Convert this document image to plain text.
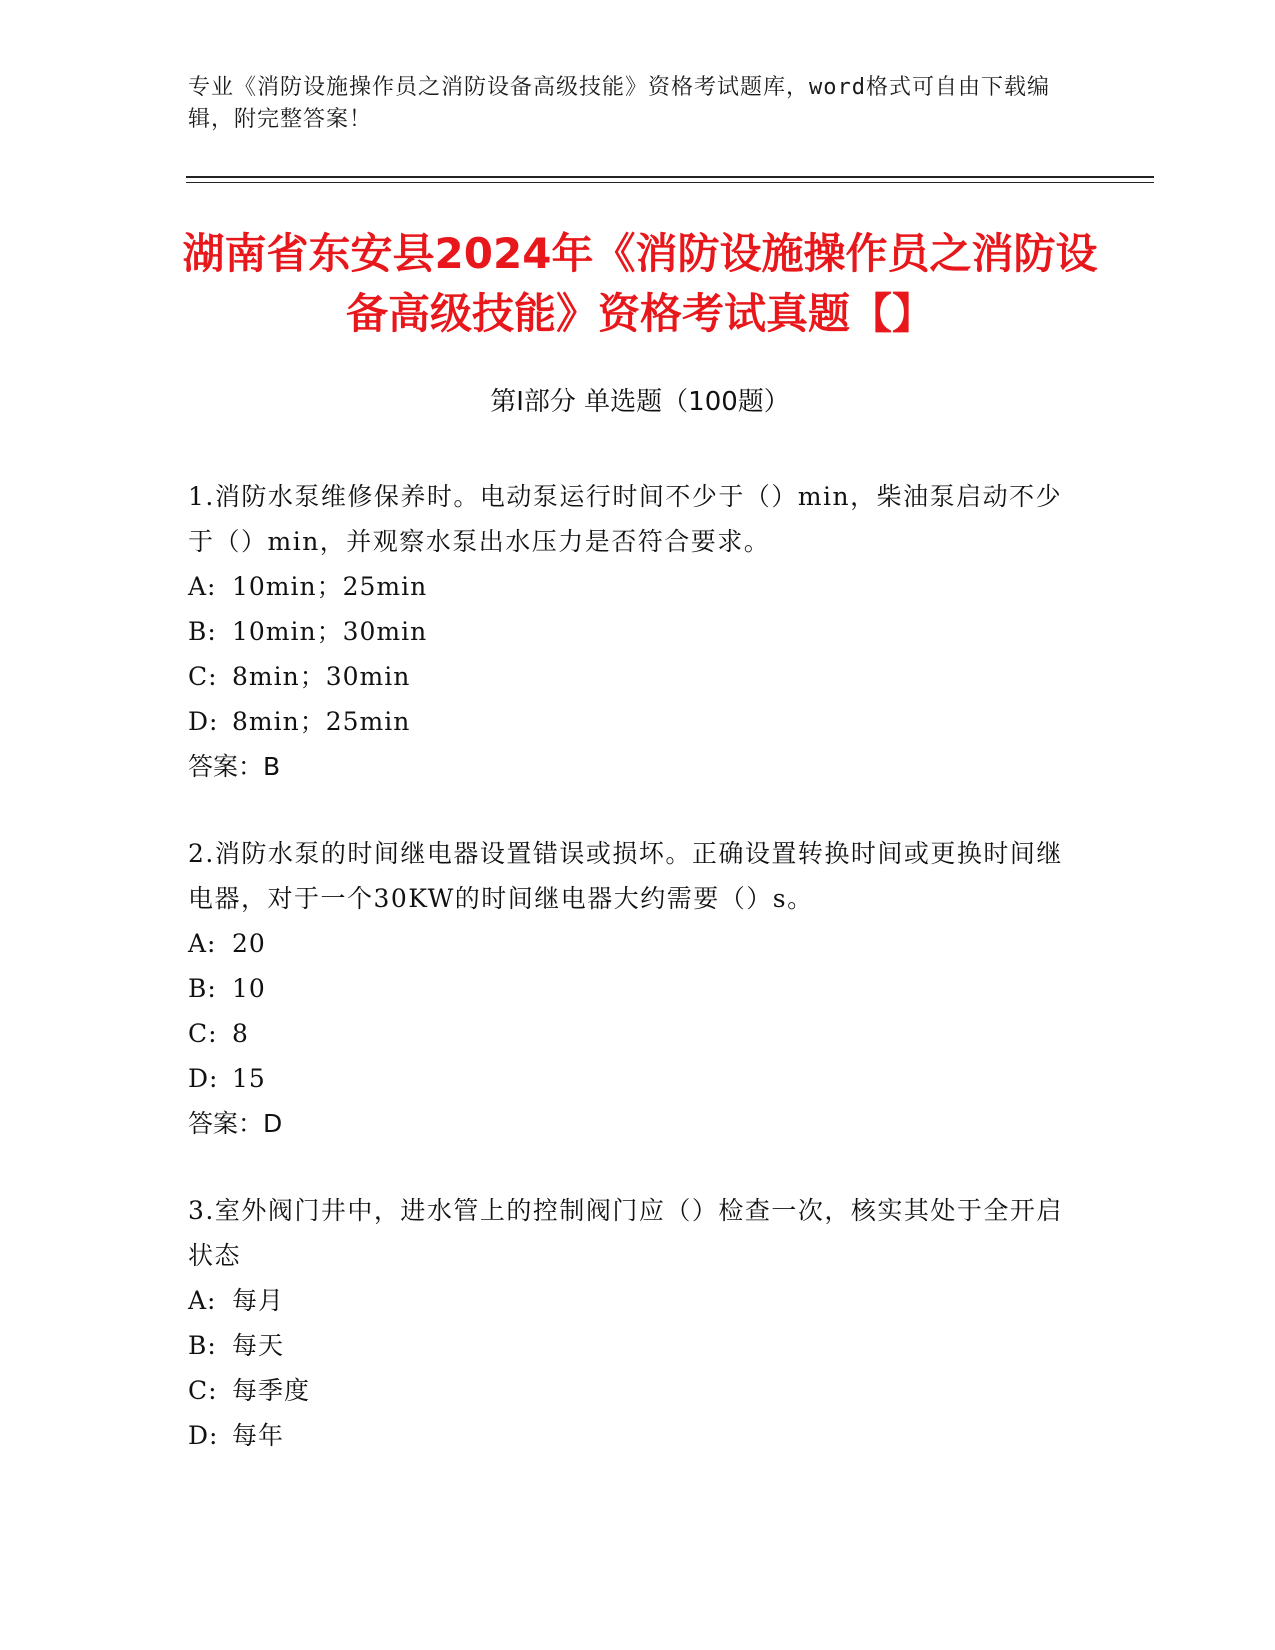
专业《消防设施操作员之消防设备高级技能》资格考试题库，word格式可自由下载编辑，附完整答案！
湖南省东安县2024年《消防设施操作员之消防设备高级技能》资格考试真题【】
第Ⅰ部分 单选题（100题）
1.消防水泵维修保养时。电动泵运行时间不少于（）min，柴油泵启动不少于（）min，并观察水泵出水压力是否符合要求。
A: 10min；25min
B: 10min；30min
C: 8min；30min
D: 8min；25min
答案：B
2.消防水泵的时间继电器设置错误或损坏。正确设置转换时间或更换时间继电器，对于一个30KW的时间继电器大约需要（）s。
A: 20
B: 10
C: 8
D: 15
答案：D
3.室外阀门井中，进水管上的控制阀门应（）检查一次，核实其处于全开启状态
A: 每月
B: 每天
C: 每季度
D: 每年
